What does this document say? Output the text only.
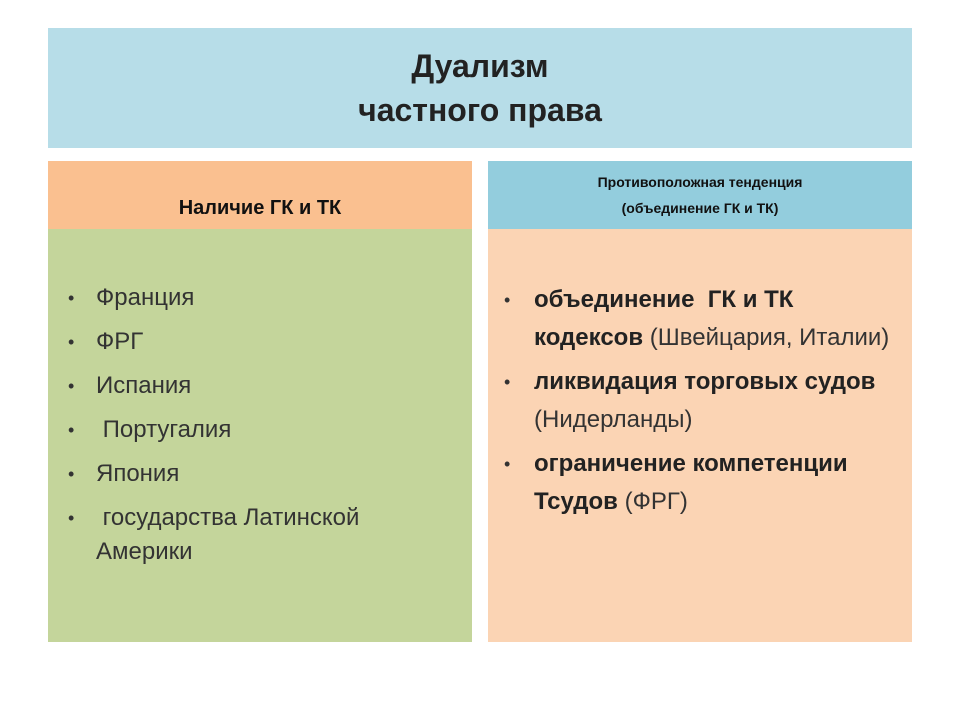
Дуализм
частного права
Наличие ГК и ТК
Противоположная тенденция
(объединение ГК и ТК)
• Франция
• ФРГ
• Испания
• Португалия
• Япония
• государства Латинской Америки
• объединение  ГК и ТК кодексов (Швейцария, Италии)
• ликвидация торговых судов (Нидерланды)
• ограничение компетенции Тсудов (ФРГ)
